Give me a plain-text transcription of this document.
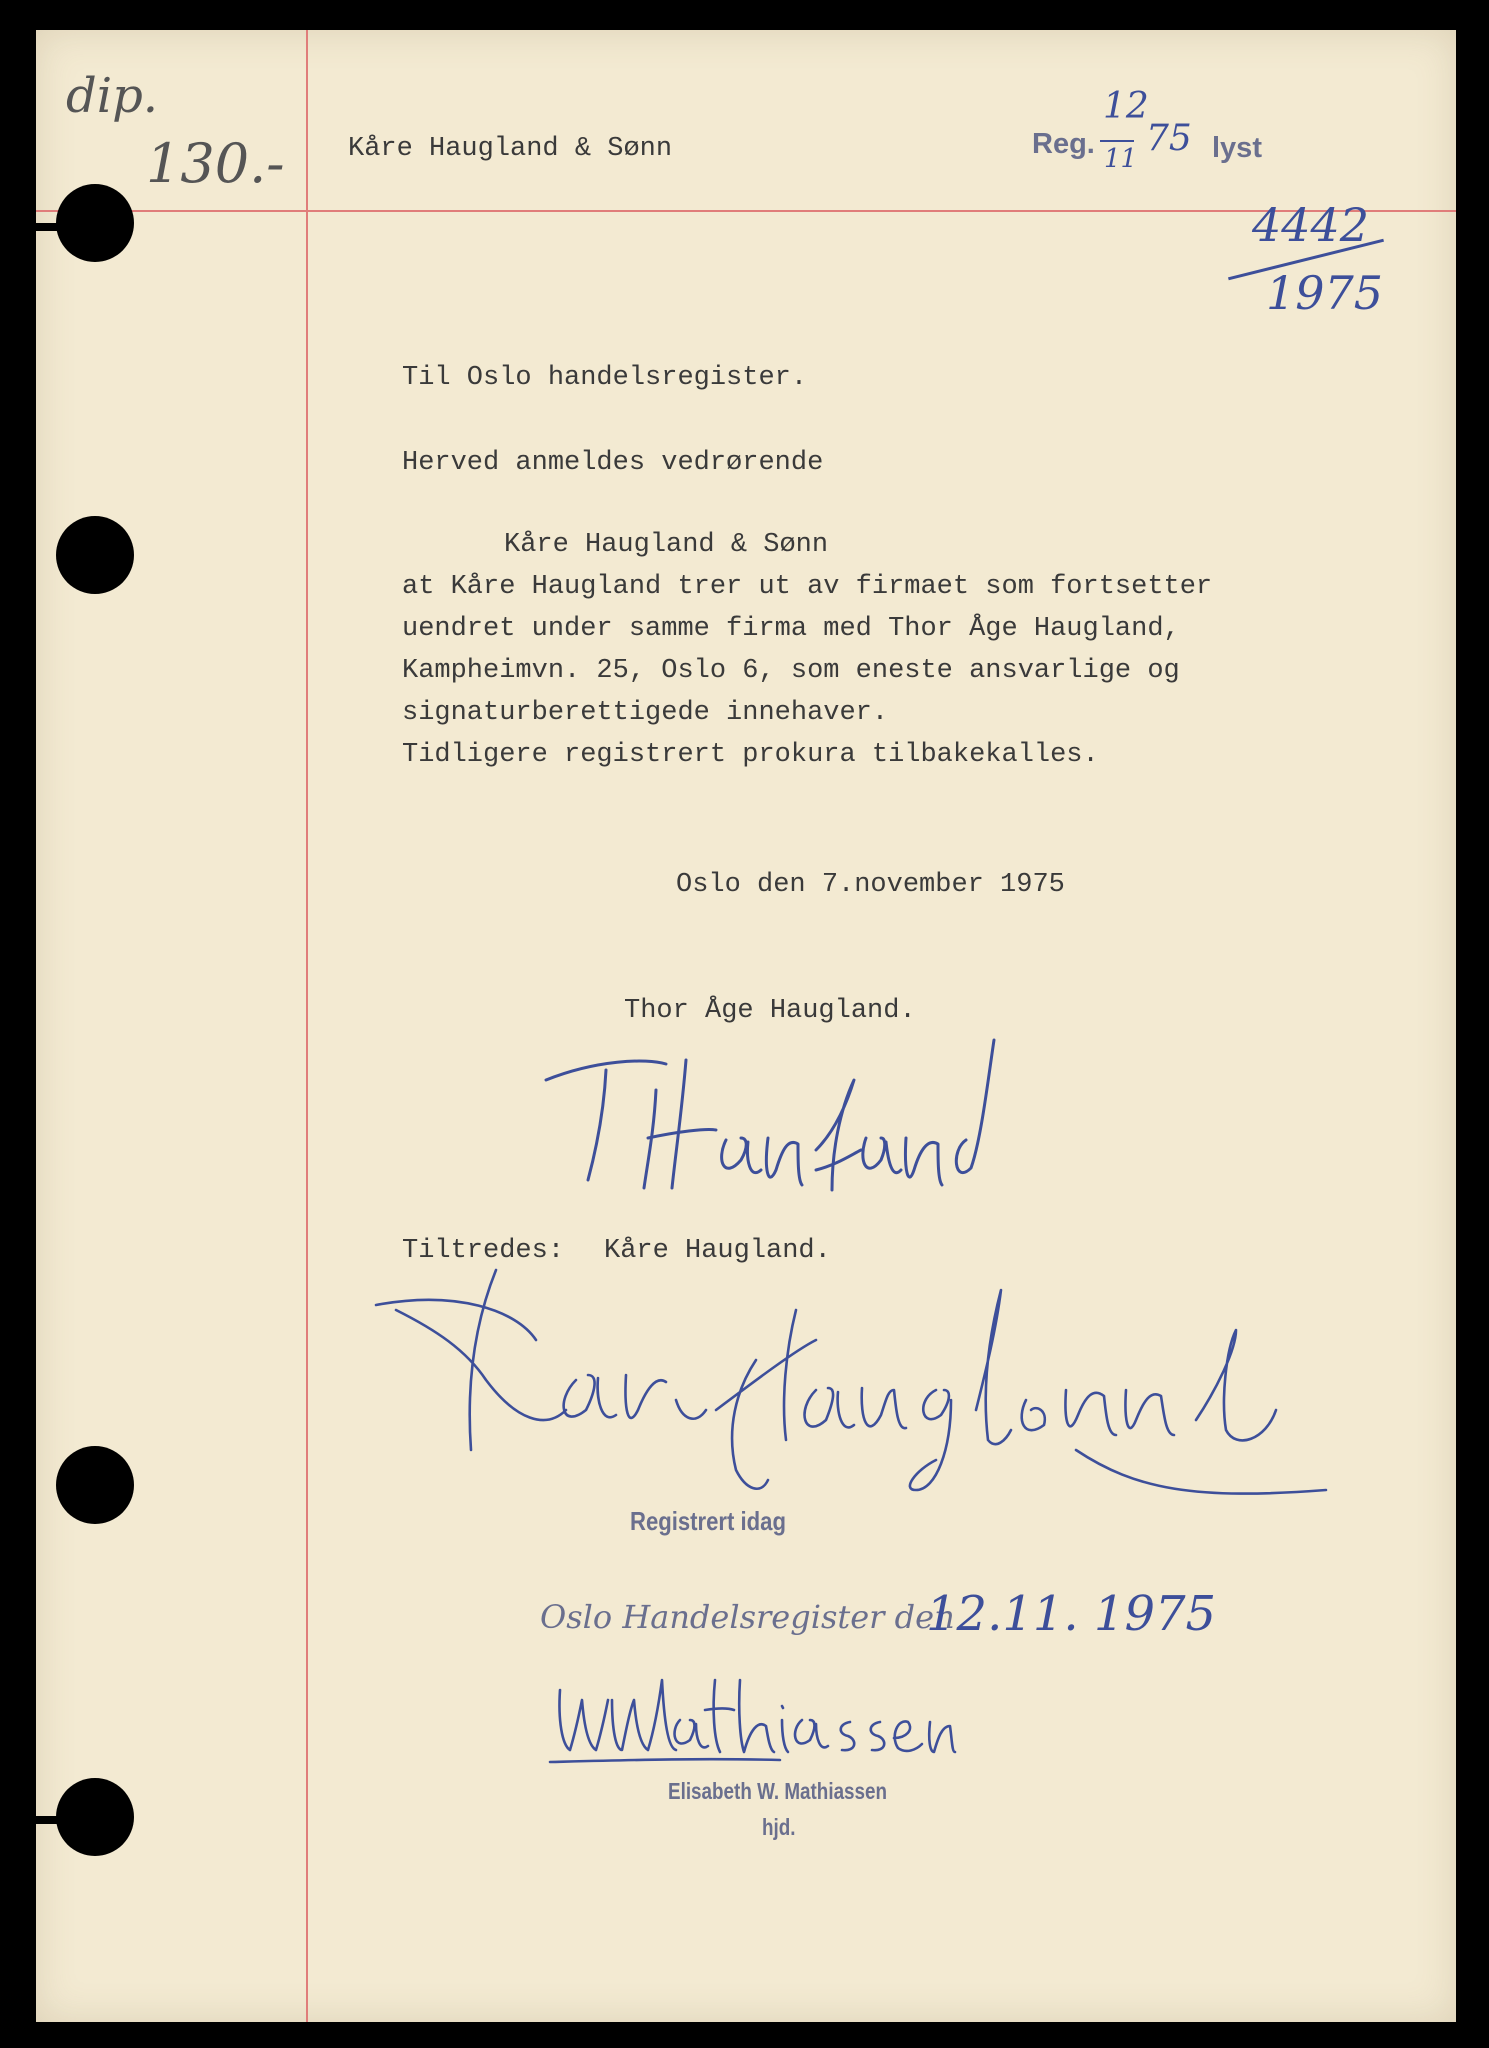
dip.
130.- Kåre Haugland & Sønn	Reg.
12
11 75 lyst
4442
1975
Til Oslo handelsregister.
Herved anmeldes vedrørende
Kåre Haugland & Sønn
at Kåre Haugland trer ut av firmaet som fortsetter
uendret under samme firma med Thor Åge Haugland,
Kampheimvn. 25, Oslo 6, som eneste ansvarlige og
signaturberettigede innehaver.
Tidligere registrert prokura tilbakekalles.
Oslo den 7.november 1975
Thor Åge Haugland.
Tiltredes: Kåre Haugland.
Registrert idag
Oslo Handelsregister den
12.11. 1975
Elisabeth W. Mathiassen
hjd.
